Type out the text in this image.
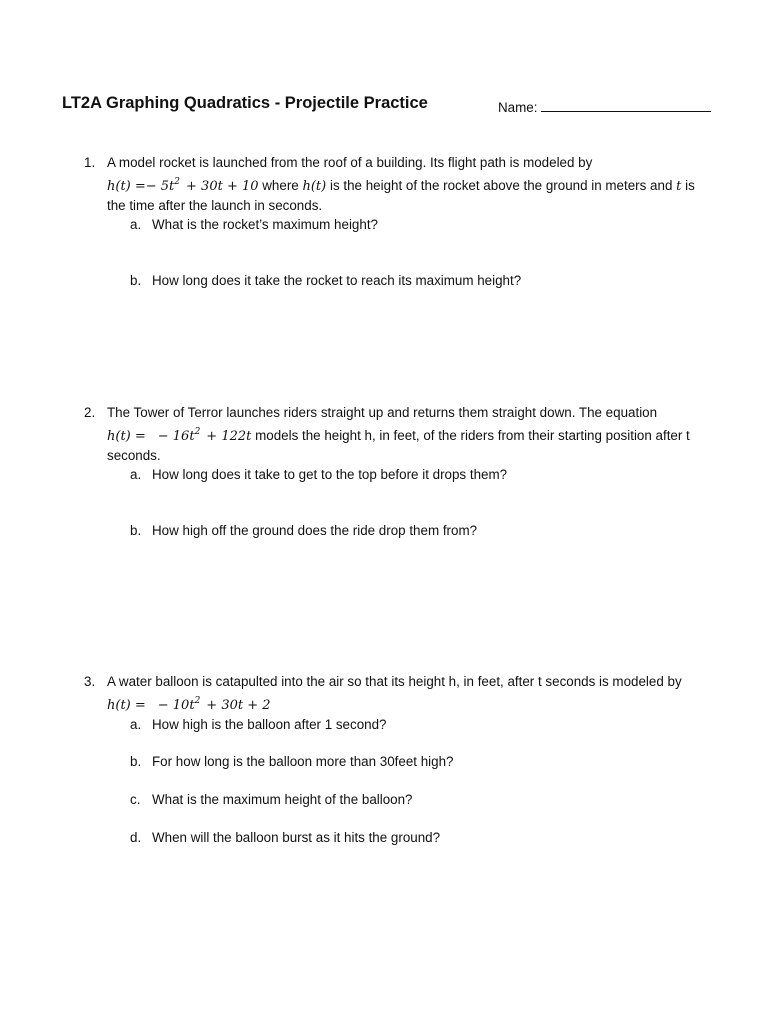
LT2A Graphing Quadratics - Projectile Practice	Name:
1. A model rocket is launched from the roof of a building. Its flight path is modeled by
$h(t) =- 5t^2 + 30t + 10$ where h(t) is the height of the rocket above the ground in meters and t is
the time after the launch in seconds.
a. What is the rocket’s maximum height?
b. How long does it take the rocket to reach its maximum height?
2. The Tower of Terror launches riders straight up and returns them straight down. The equation
h(t) = − $16t^2 + 122t$ models the height h, in feet, of the riders from their starting position after t
seconds.
a. How long does it take to get to the top before it drops them?
b. How high off the ground does the ride drop them from?
3. A water balloon is catapulted into the air so that its height h, in feet, after t seconds is modeled by
h(t) = − $10t^2 + 30t + 2$
a. How high is the balloon after 1 second?
b. For how long is the balloon more than 30feet high?
c. What is the maximum height of the balloon?
d. When will the balloon burst as it hits the ground?
